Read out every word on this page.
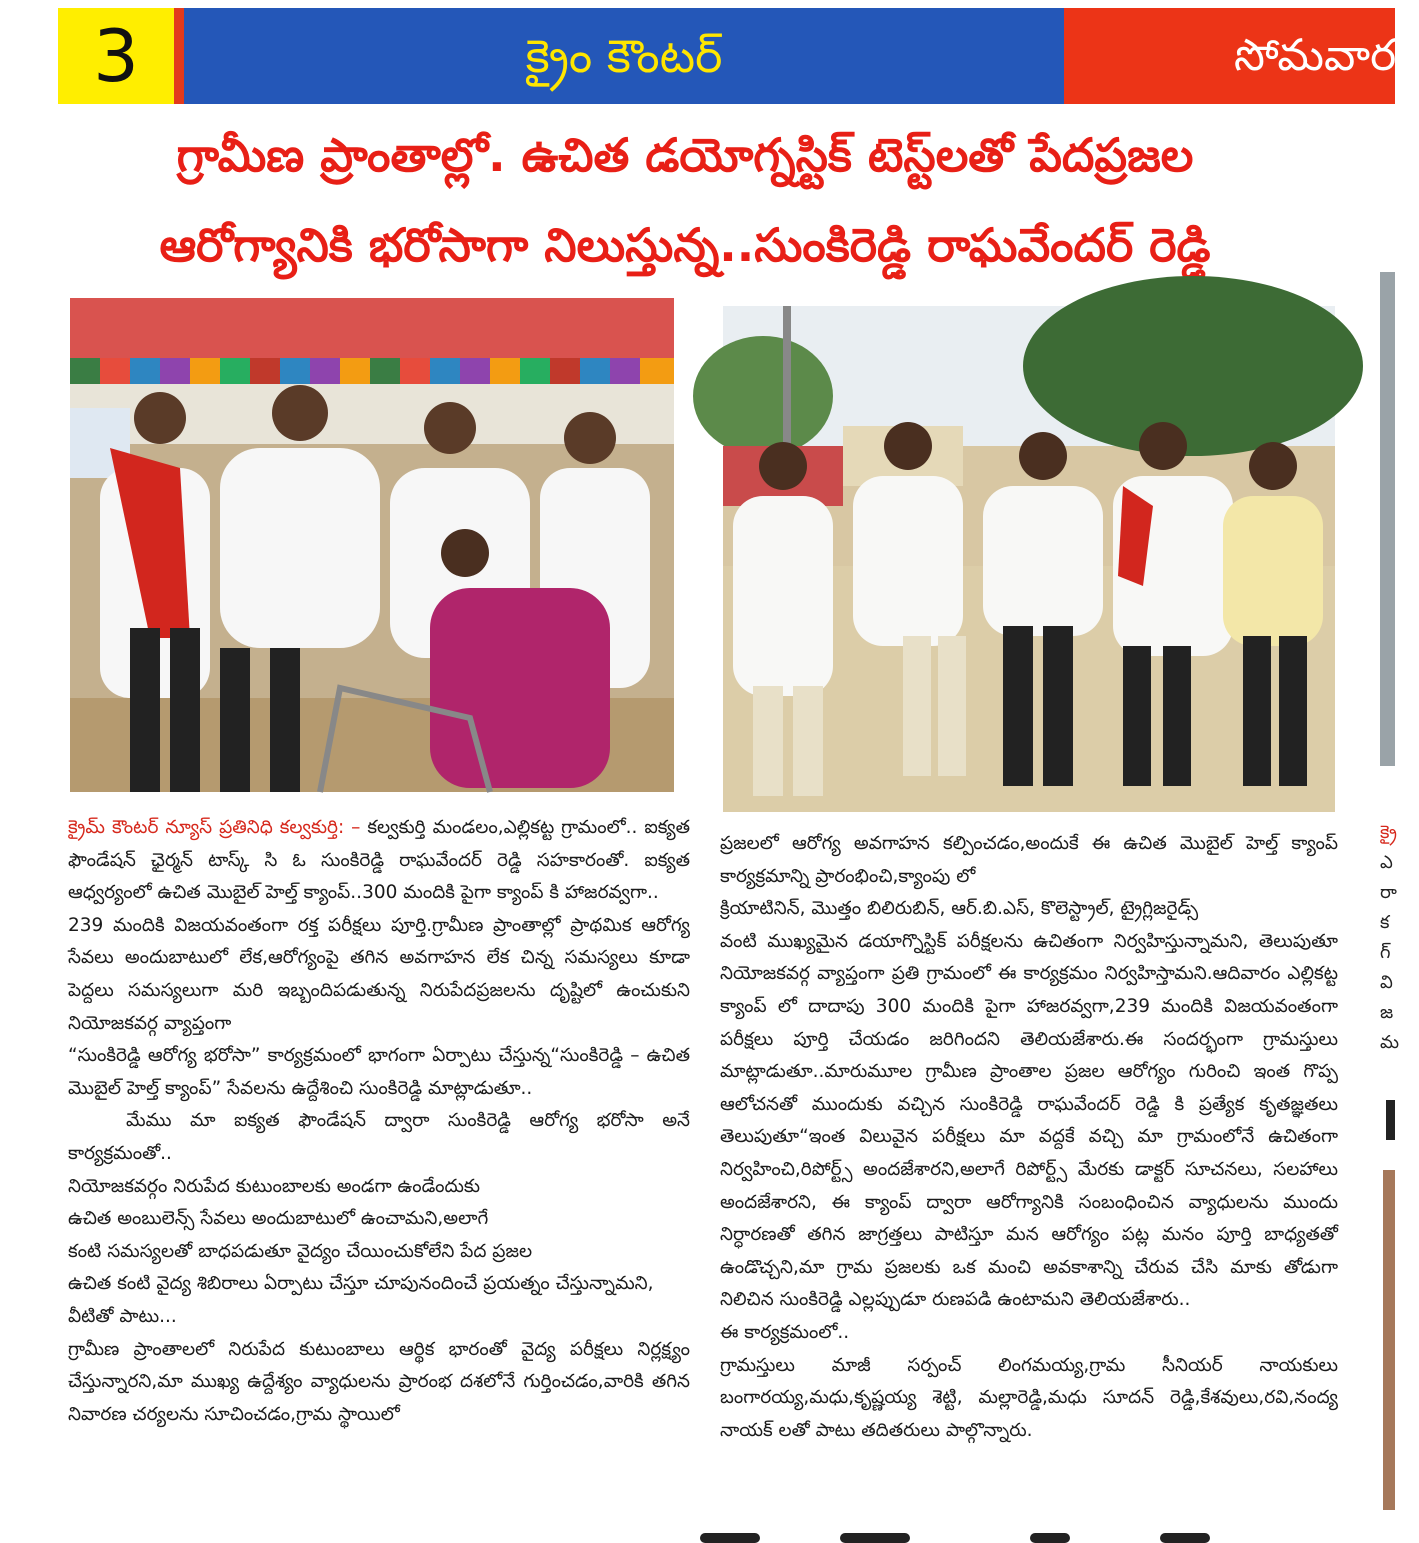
3	క్రైం కౌంటర్	సోమవారం
గ్రామీణ ప్రాంతాల్లో. ఉచిత డయోగ్నస్టిక్ టెస్ట్‌లతో పేదప్రజల
ఆరోగ్యానికి భరోసాగా నిలుస్తున్న..సుంకిరెడ్డి రాఘవేందర్ రెడ్డి

క్రైమ్ కౌంటర్ న్యూస్ ప్రతినిధి కల్వకుర్తి: – కల్వకుర్తి మండలం,ఎల్లికట్ట గ్రామంలో.. ఐక్యత ఫౌండేషన్ ఛైర్మన్ టాస్క్ సి ఓ సుంకిరెడ్డి రాఘవేందర్ రెడ్డి సహకారంతో. ఐక్యత ఆధ్వర్యంలో ఉచిత మొబైల్ హెల్త్ క్యాంప్..300 మందికి పైగా క్యాంప్ కి హాజరవ్వగా..

239 మందికి విజయవంతంగా రక్త పరీక్షలు పూర్తి.గ్రామీణ ప్రాంతాల్లో ప్రాథమిక ఆరోగ్య సేవలు అందుబాటులో లేక,ఆరోగ్యంపై తగిన అవగాహన లేక చిన్న సమస్యలు కూడా పెద్దలు సమస్యలుగా మరి ఇబ్బందిపడుతున్న నిరుపేదప్రజలను దృష్టిలో ఉంచుకుని నియోజకవర్గ వ్యాప్తంగా

“సుంకిరెడ్డి ఆరోగ్య భరోసా” కార్యక్రమంలో భాగంగా ఏర్పాటు చేస్తున్న“సుంకిరెడ్డి – ఉచిత మొబైల్ హెల్త్ క్యాంప్” సేవలను ఉద్దేశించి సుంకిరెడ్డి మాట్లాడుతూ..

మేము మా ఐక్యత ఫౌండేషన్ ద్వారా సుంకిరెడ్డి ఆరోగ్య భరోసా అనే కార్యక్రమంతో..

నియోజకవర్గం నిరుపేద కుటుంబాలకు అండగా ఉండేందుకు

ఉచిత అంబులెన్స్ సేవలు అందుబాటులో ఉంచామని,అలాగే

కంటి సమస్యలతో బాధపడుతూ వైద్యం చేయించుకోలేని పేద ప్రజల

ఉచిత కంటి వైద్య శిబిరాలు ఏర్పాటు చేస్తూ చూపునందించే ప్రయత్నం చేస్తున్నామని,

వీటితో పాటు...

గ్రామీణ ప్రాంతాలలో నిరుపేద కుటుంబాలు ఆర్థిక భారంతో వైద్య పరీక్షలు నిర్లక్ష్యం చేస్తున్నారని,మా ముఖ్య ఉద్దేశ్యం వ్యాధులను ప్రారంభ దశలోనే గుర్తించడం,వారికి తగిన నివారణ చర్యలను సూచించడం,గ్రామ స్థాయిలో

ప్రజలలో ఆరోగ్య అవగాహన కల్పించడం,అందుకే ఈ ఉచిత మొబైల్ హెల్త్ క్యాంప్ కార్యక్రమాన్ని ప్రారంభించి,క్యాంపు లో

క్రియాటినిన్, మొత్తం బిలిరుబిన్, ఆర్.బి.ఎస్, కొలెస్ట్రాల్, ట్రైగ్లిజరైడ్స్

వంటి ముఖ్యమైన డయాగ్నొస్టిక్ పరీక్షలను ఉచితంగా నిర్వహిస్తున్నామని, తెలుపుతూ నియోజకవర్గ వ్యాప్తంగా ప్రతి గ్రామంలో ఈ కార్యక్రమం నిర్వహిస్తామని.ఆదివారం ఎల్లికట్ట క్యాంప్ లో దాదాపు 300 మందికి పైగా హాజరవ్వగా,239 మందికి విజయవంతంగా పరీక్షలు పూర్తి చేయడం జరిగిందని తెలియజేశారు.ఈ సందర్భంగా గ్రామస్తులు మాట్లాడుతూ..మారుమూల గ్రామీణ ప్రాంతాల ప్రజల ఆరోగ్యం గురించి ఇంత గొప్ప ఆలోచనతో ముందుకు వచ్చిన సుంకిరెడ్డి రాఘవేందర్ రెడ్డి కి ప్రత్యేక కృతజ్ఞతలు తెలుపుతూ“ఇంత విలువైన పరీక్షలు మా వద్దకే వచ్చి మా గ్రామంలోనే ఉచితంగా నిర్వహించి,రిపోర్ట్స్ అందజేశారని,అలాగే రిపోర్ట్స్ మేరకు డాక్టర్ సూచనలు, సలహాలు అందజేశారని, ఈ క్యాంప్ ద్వారా ఆరోగ్యానికి సంబంధించిన వ్యాధులను ముందు నిర్ధారణతో తగిన జాగ్రత్తలు పాటిస్తూ మన ఆరోగ్యం పట్ల మనం పూర్తి బాధ్యతతో ఉండొచ్చని,మా గ్రామ ప్రజలకు ఒక మంచి అవకాశాన్ని చేరువ చేసి మాకు తోడుగా నిలిచిన సుంకిరెడ్డి ఎల్లప్పుడూ రుణపడి ఉంటామని తెలియజేశారు..

ఈ కార్యక్రమంలో..

గ్రామస్తులు మాజీ సర్పంచ్ లింగమయ్య,గ్రామ సీనియర్ నాయకులు బంగారయ్య,మధు,కృష్ణయ్య శెట్టి, మల్లారెడ్డి,మధు సూదన్ రెడ్డి,కేశవులు,రవి,నంద్య నాయక్ లతో పాటు తదితరులు పాల్గొన్నారు.

క్రై
ఎ
రా
క
గ్
వి
జ
మ
